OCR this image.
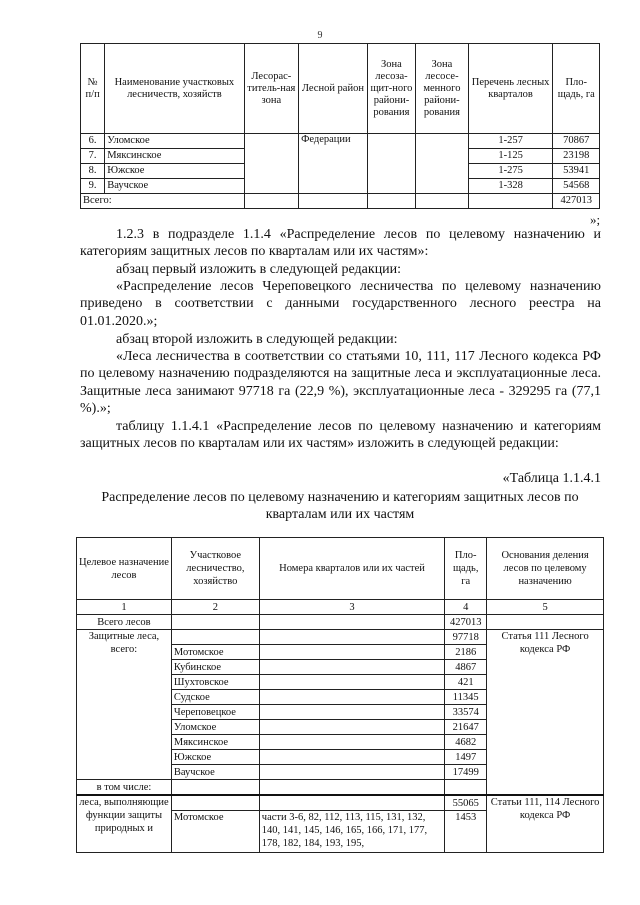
9
№ п/п	Наименование участковых лесничеств, хозяйств	Лесорас-титель-ная зона	Лесной район	Зона лесоза-щит-ного райони-рования	Зона лесосе-менного райони-рования	Перечень лесных кварталов	Пло-щадь, га
6.	Уломское		Федерации			1-257	70867
7.	Мяксинское					1-125	23198
8.	Южское					1-275	53941
9.	Ваучское					1-328	54568
Всего:							427013
»;

1.2.3 в подразделе 1.1.4 «Распределение лесов по целевому назначению и категориям защитных лесов по кварталам или их частям»:

абзац первый изложить в следующей редакции:

«Распределение лесов Череповецкого лесничества по целевому назначению приведено в соответствии с данными государственного лесного реестра на 01.01.2020.»;

абзац второй изложить в следующей редакции:

«Леса лесничества в соответствии со статьями 10, 111, 117 Лесного кодекса РФ по целевому назначению подразделяются на защитные леса и эксплуатационные леса. Защитные леса занимают 97718 га (22,9 %), эксплуатационные леса - 329295 га (77,1 %).»;

таблицу 1.1.4.1 «Распределение лесов по целевому назначению и категориям защитных лесов по кварталам или их частям» изложить в следующей редакции:

«Таблица 1.1.4.1

Распределение лесов по целевому назначению и категориям защитных лесов по кварталам или их частям

Целевое назначение лесов	Участковое лесничество, хозяйство	Номера кварталов или их частей	Пло-щадь, га	Основания деления лесов по целевому назначению
1	2	3	4	5
Всего лесов			427013	
Защитные леса, всего:			97718	Статья 111 Лесного кодекса РФ
	Мотомское		2186	
	Кубинское		4867	
	Шухтовское		421	
	Судское		11345	
	Череповецкое		33574	
	Уломское		21647	
	Мяксинское		4682	
	Южское		1497	
	Ваучское		17499	
в том числе:				
леса, выполняющие функции защиты природных и			55065	Статьи 111, 114 Лесного кодекса РФ
	Мотомское	части 3-6, 82, 112, 113, 115, 131, 132, 140, 141, 145, 146, 165, 166, 171, 177, 178, 182, 184, 193, 195,	1453	
